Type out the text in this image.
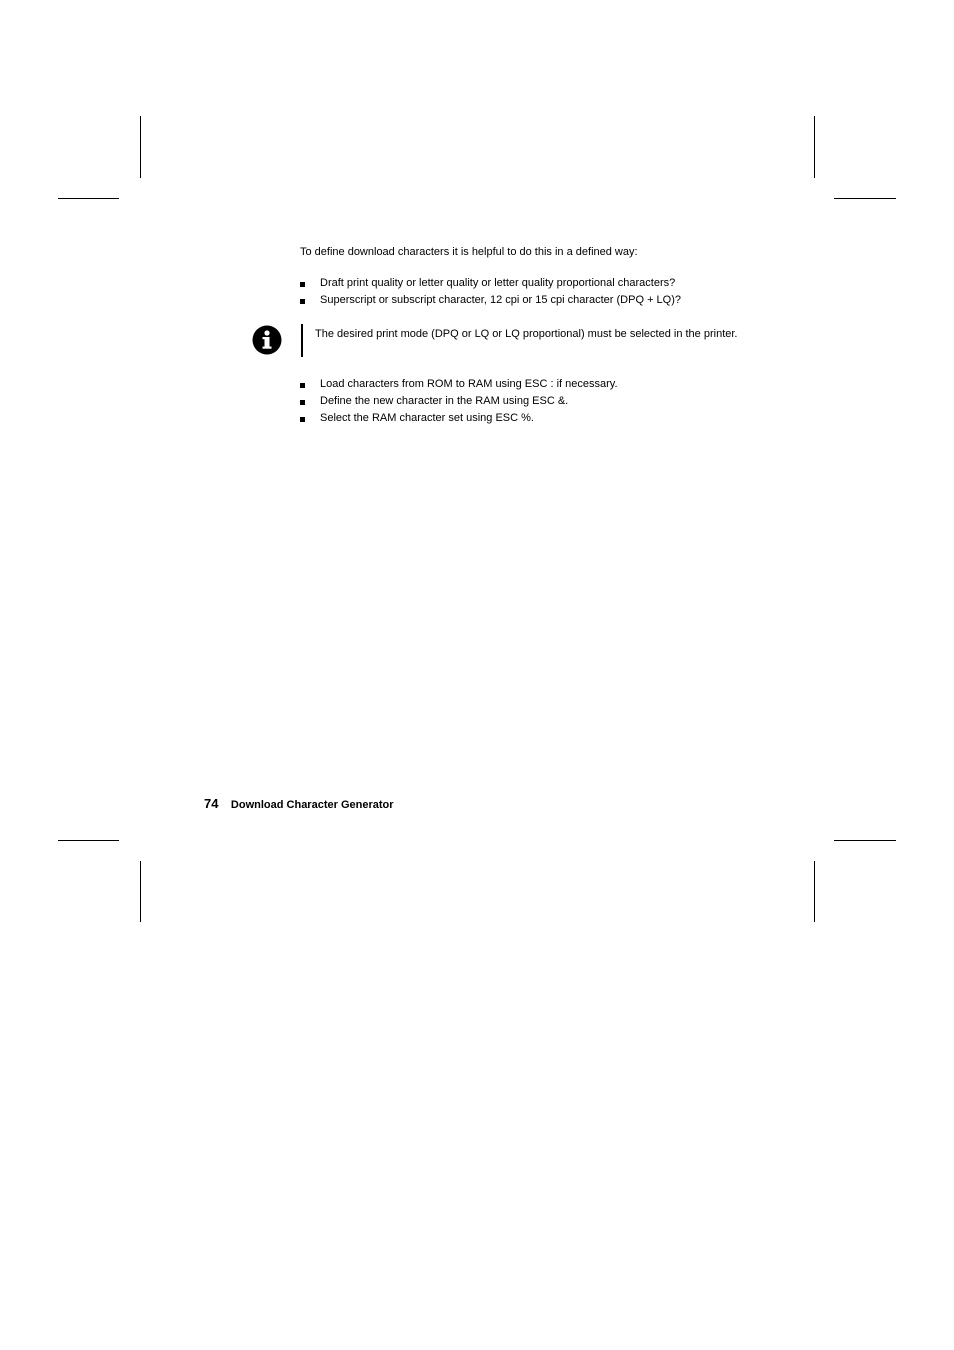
To define download characters it is helpful to do this in a defined way:

Draft print quality or letter quality or letter quality proportional characters?
Superscript or subscript character, 12 cpi or 15 cpi character (DPQ + LQ)?

The desired print mode (DPQ or LQ or LQ proportional) must be selected in the printer.

Load characters from ROM to RAM using ESC : if necessary.
Define the new character in the RAM using ESC &.
Select the RAM character set using ESC %.
74 Download Character Generator
